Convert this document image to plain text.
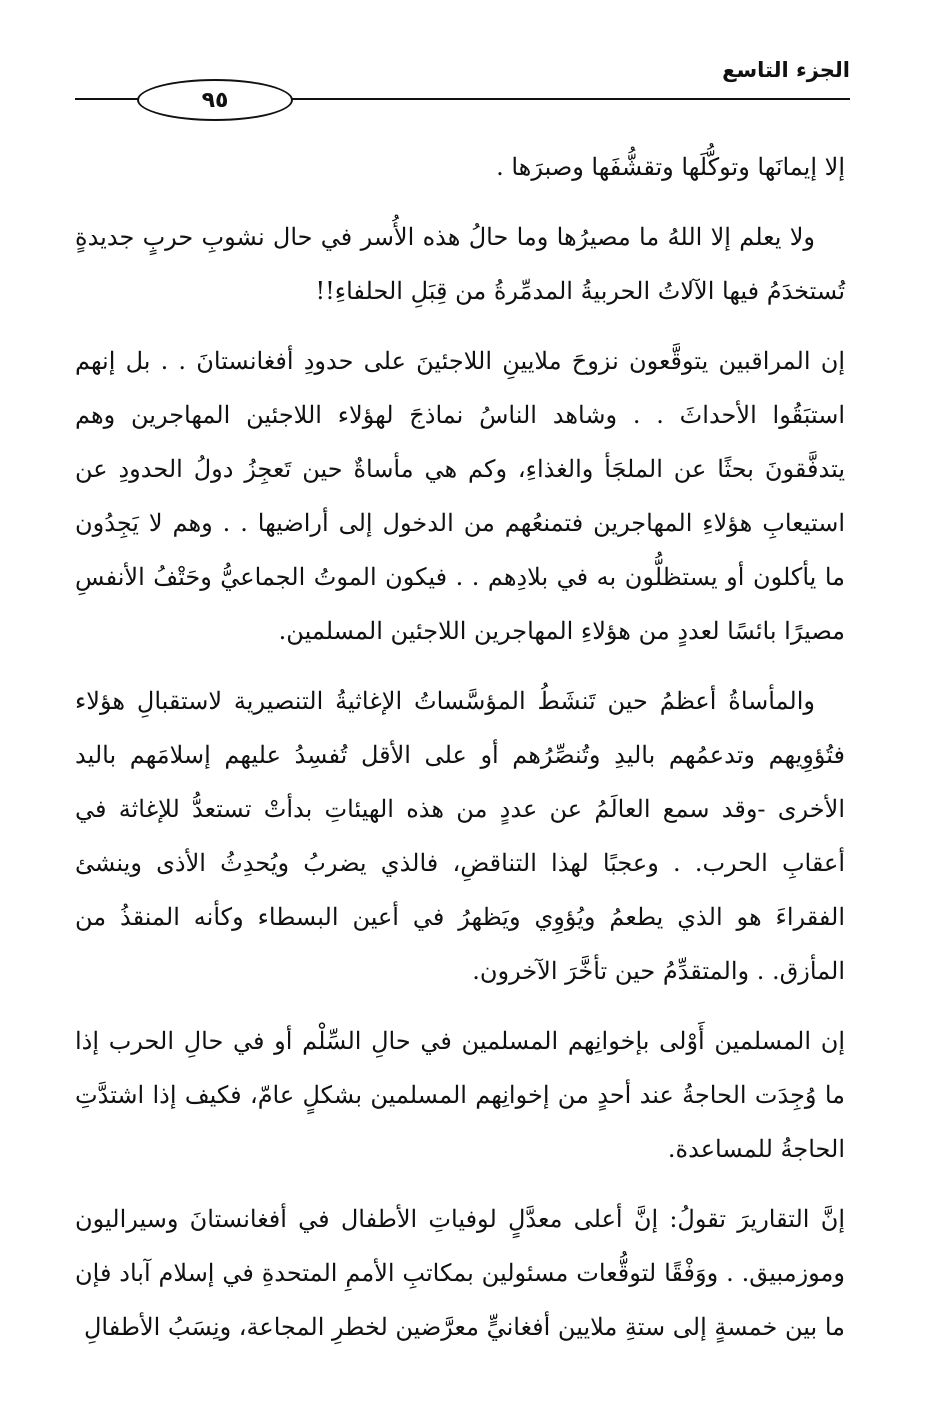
الجزء التاسع
٩٥

إلا إيمانَها وتوكُّلَها وتقشُّفَها وصبرَها .

ولا يعلم إلا اللهُ ما مصيرُها وما حالُ هذه الأُسر في حال نشوبِ حربٍ جديدةٍ تُستخدَمُ فيها الآلاتُ الحربيةُ المدمِّرةُ من قِبَلِ الحلفاءِ!!

إن المراقبين يتوقَّعون نزوحَ ملايينِ اللاجئينَ على حدودِ أفغانستانَ . . بل إنهم استبَقُوا الأحداثَ . . وشاهد الناسُ نماذجَ لهؤلاء اللاجئين المهاجرين وهم يتدفَّقونَ بحثًا عن الملجَأ والغذاءِ، وكم هي مأساةٌ حين تَعجِزُ دولُ الحدودِ عن استيعابِ هؤلاءِ المهاجرين فتمنعُهم من الدخول إلى أراضيها . . وهم لا يَجِدُون ما يأكلون أو يستظلُّون به في بلادِهم . . فيكون الموتُ الجماعيُّ وحَتْفُ الأنفسِ مصيرًا بائسًا لعددٍ من هؤلاءِ المهاجرين اللاجئين المسلمين.

والمأساةُ أعظمُ حين تَنشَطُ المؤسَّساتُ الإغاثيةُ التنصيرية لاستقبالِ هؤلاء فتُؤوِيهم وتدعمُهم باليدِ وتُنصِّرُهم أو على الأقل تُفسِدُ عليهم إسلامَهم باليد الأخرى -وقد سمع العالَمُ عن عددٍ من هذه الهيئاتِ بدأتْ تستعدُّ للإغاثة في أعقابِ الحرب. . وعجبًا لهذا التناقضِ، فالذي يضربُ ويُحدِثُ الأذى وينشئ الفقراءَ هو الذي يطعمُ ويُؤوِي ويَظهرُ في أعين البسطاء وكأنه المنقذُ من المأزق. . والمتقدِّمُ حين تأخَّرَ الآخرون.

إن المسلمين أَوْلى بإخوانِهم المسلمين في حالِ السِّلْم أو في حالِ الحرب إذا ما وُجِدَت الحاجةُ عند أحدٍ من إخوانِهم المسلمين بشكلٍ عامّ، فكيف إذا اشتدَّتِ الحاجةُ للمساعدة.

إنَّ التقاريرَ تقولُ: إنَّ أعلى معدَّلٍ لوفياتِ الأطفال في أفغانستانَ وسيراليون وموزمبيق. . ووَفْقًا لتوقُّعات مسئولين بمكاتبِ الأممِ المتحدةِ في إسلام آباد فإن ما بين خمسةٍ إلى ستةِ ملايين أفغانيٍّ معرَّضين لخطرِ المجاعة، ونِسَبُ الأطفالِ
